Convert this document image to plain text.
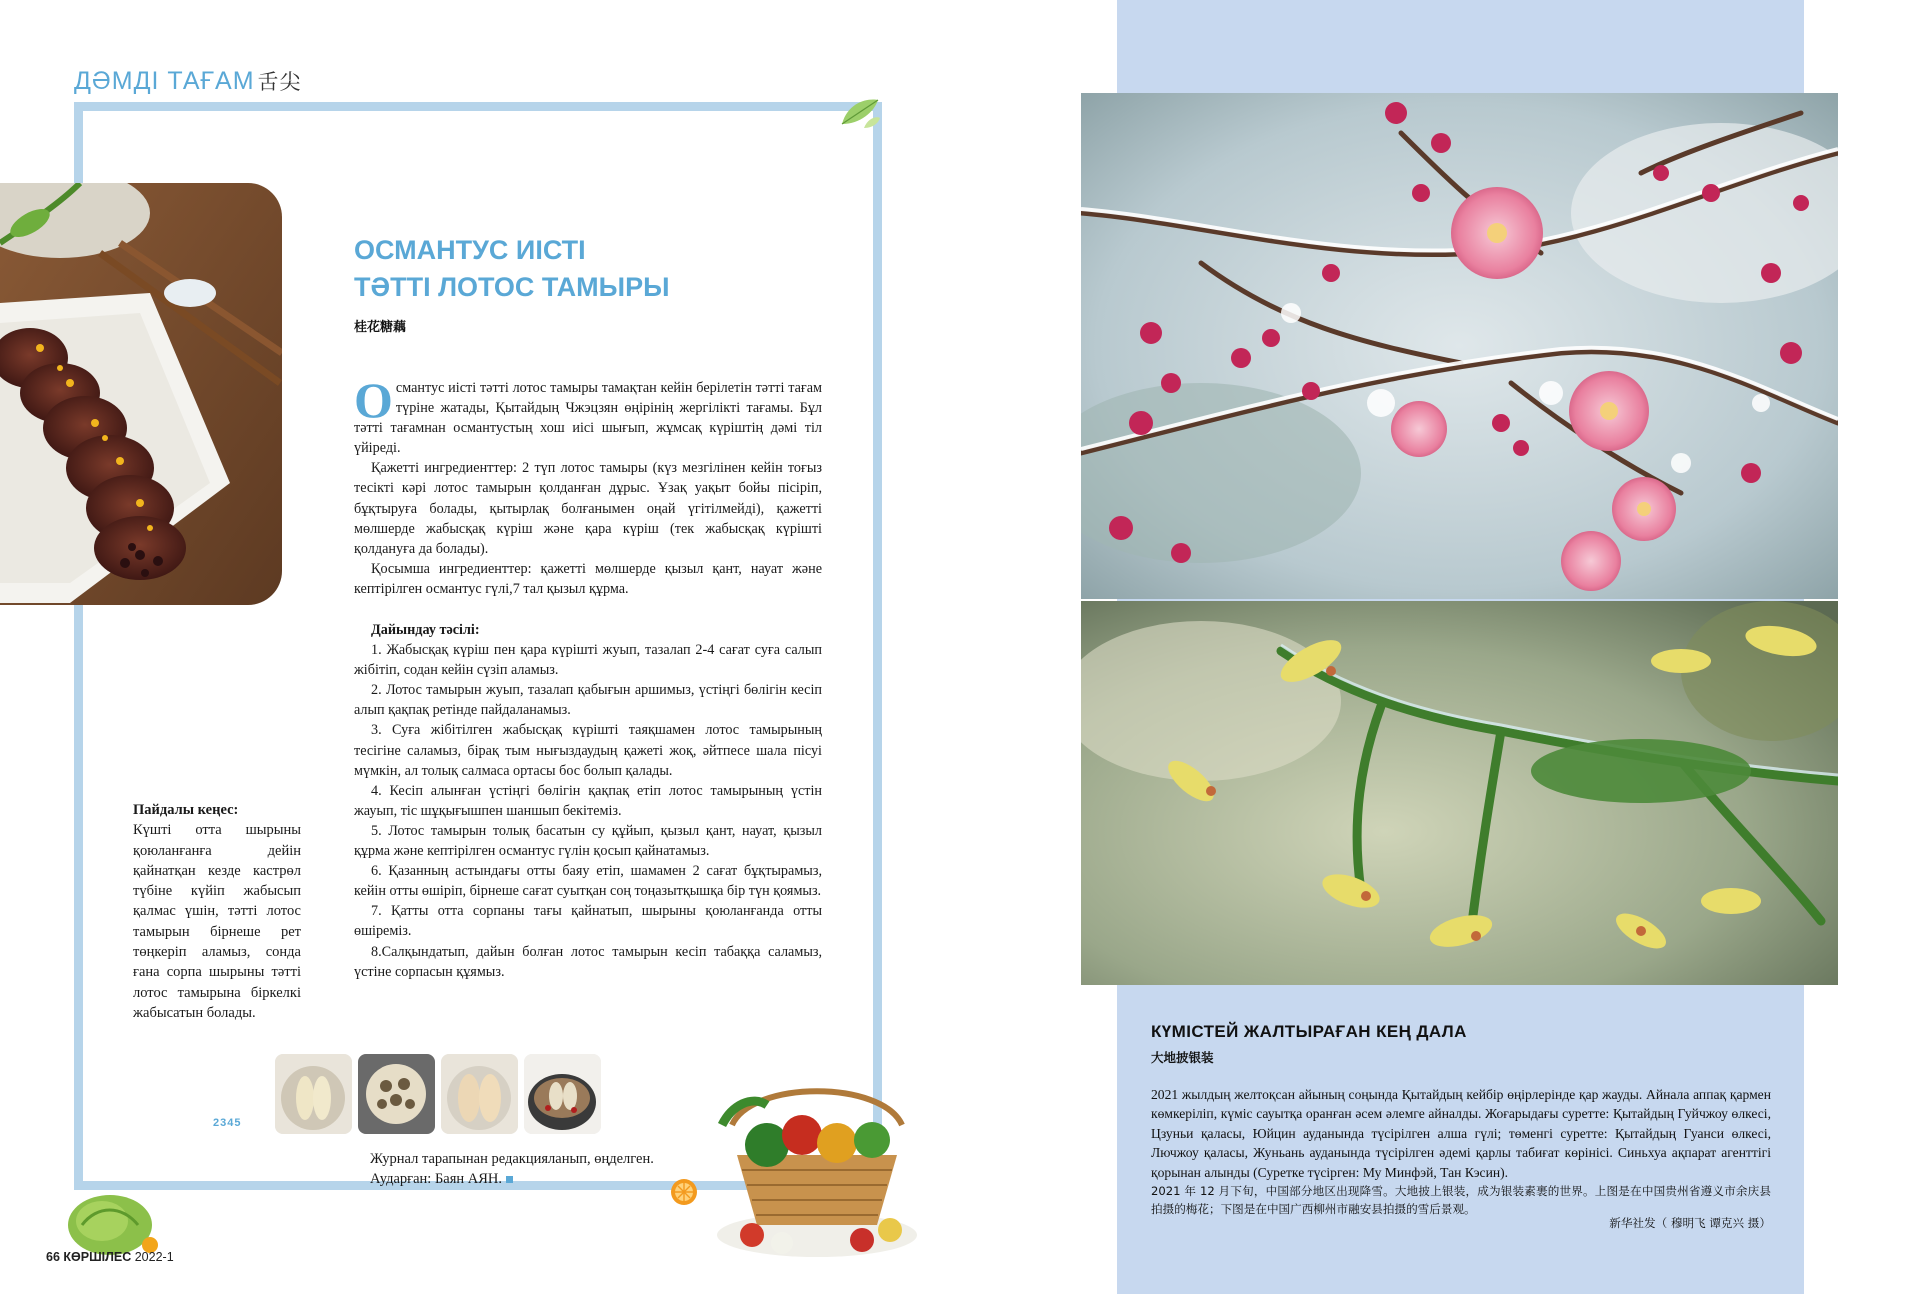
ДӘМДІ ТАҒАМ 舌尖
ОСМАНТУС ИІСТІ
ТӘТТІ ЛОТОС ТАМЫРЫ
桂花糖藕

Османтус иісті тәтті лотос тамыры тамақтан кейін берілетін тәтті тағам түріне жатады, Қытайдың Чжэцзян өңірінің жергілікті тағамы. Бұл тәтті тағамнан османтустың хош иісі шығып, жұмсақ күріштің дәмі тіл үйіреді.

Қажетті ингредиенттер: 2 түп лотос тамыры (күз мезгілінен кейін тоғыз тесікті кәрі лотос тамырын қолданған дұрыс. Ұзақ уақыт бойы пісіріп, бұқтыруға болады, қытырлақ болғанымен оңай үгітілмейді), қажетті мөлшерде жабысқақ күріш және қара күріш (тек жабысқақ күрішті қолдануға да болады).

Қосымша ингредиенттер: қажетті мөлшерде қызыл қант, науат және кептірілген османтус гүлі,7 тал қызыл құрма.

Дайындау тәсілі:

1. Жабысқақ күріш пен қара күрішті жуып, тазалап 2-4 сағат суға салып жібітіп, содан кейін сүзіп аламыз.

2. Лотос тамырын жуып, тазалап қабығын аршимыз, үстіңгі бөлігін кесіп алып қақпақ ретінде пайдаланамыз.

3. Суға жібітілген жабысқақ күрішті таяқшамен лотос тамырының тесігіне саламыз, бірақ тым нығыздаудың қажеті жоқ, әйтпесе шала пісуі мүмкін, ал толық салмаса ортасы бос болып қалады.

4. Кесіп алынған үстіңгі бөлігін қақпақ етіп лотос тамырының үстін жауып, тіс шұқығышпен шаншып бекітеміз.

5. Лотос тамырын толық басатын су құйып, қызыл қант, науат, қызыл құрма және кептірілген османтус гүлін қосып қайнатамыз.

6. Қазанның астындағы отты баяу етіп, шамамен 2 сағат бұқтырамыз, кейін отты өшіріп, бірнеше сағат суытқан соң тоңазытқышқа бір түн қоямыз.

7. Қатты отта сорпаны тағы қайнатып, шырыны қоюланғанда отты өшіреміз.

8.Салқындатып, дайын болған лотос тамырын кесіп табаққа саламыз, үстіне сорпасын құямыз.

Пайдалы кеңес:

Күшті отта шырыны қоюланғанға дейін қайнатқан кезде кастрөл түбіне күйіп жабысып қалмас үшін, тәтті лотос тамырын бірнеше рет төңкеріп аламыз, сонда ғана сорпа шырыны тәтті лотос тамырына біркелкі жабысатын болады.

2345
Журнал тарапынан редакцияланып, өңделген.
Аударған: Баян АЯН.
66 КӨРШІЛЕС 2022-1
КҮМІСТЕЙ ЖАЛТЫРАҒАН КЕҢ ДАЛА
大地披银装

2021 жылдың желтоқсан айының соңында Қытайдың кейбір өңірлерінде қар жауды. Айнала аппақ қармен көмкеріліп, күміс сауытқа оранған әсем әлемге айналды. Жоғарыдағы суретте: Қытайдың Гуйчжоу өлкесі, Цзуньи қаласы, Юйцин ауданында түсірілген алша гүлі; төменгі суретте: Қытайдың Гуанси өлкесі, Лючжоу қаласы, Жуньань ауданында түсірілген әдемі қарлы табиғат көрінісі. Синьхуа ақпарат агенттігі қорынан алынды (Суретке түсірген: Му Минфэй, Тан Кэсин).

2021 年 12 月下旬，中国部分地区出现降雪。大地披上银装，成为银装素裹的世界。上图是在中国贵州省遵义市余庆县拍摄的梅花；下图是在中国广西柳州市融安县拍摄的雪后景观。
新华社发（ 穆明飞 谭克兴 摄）
